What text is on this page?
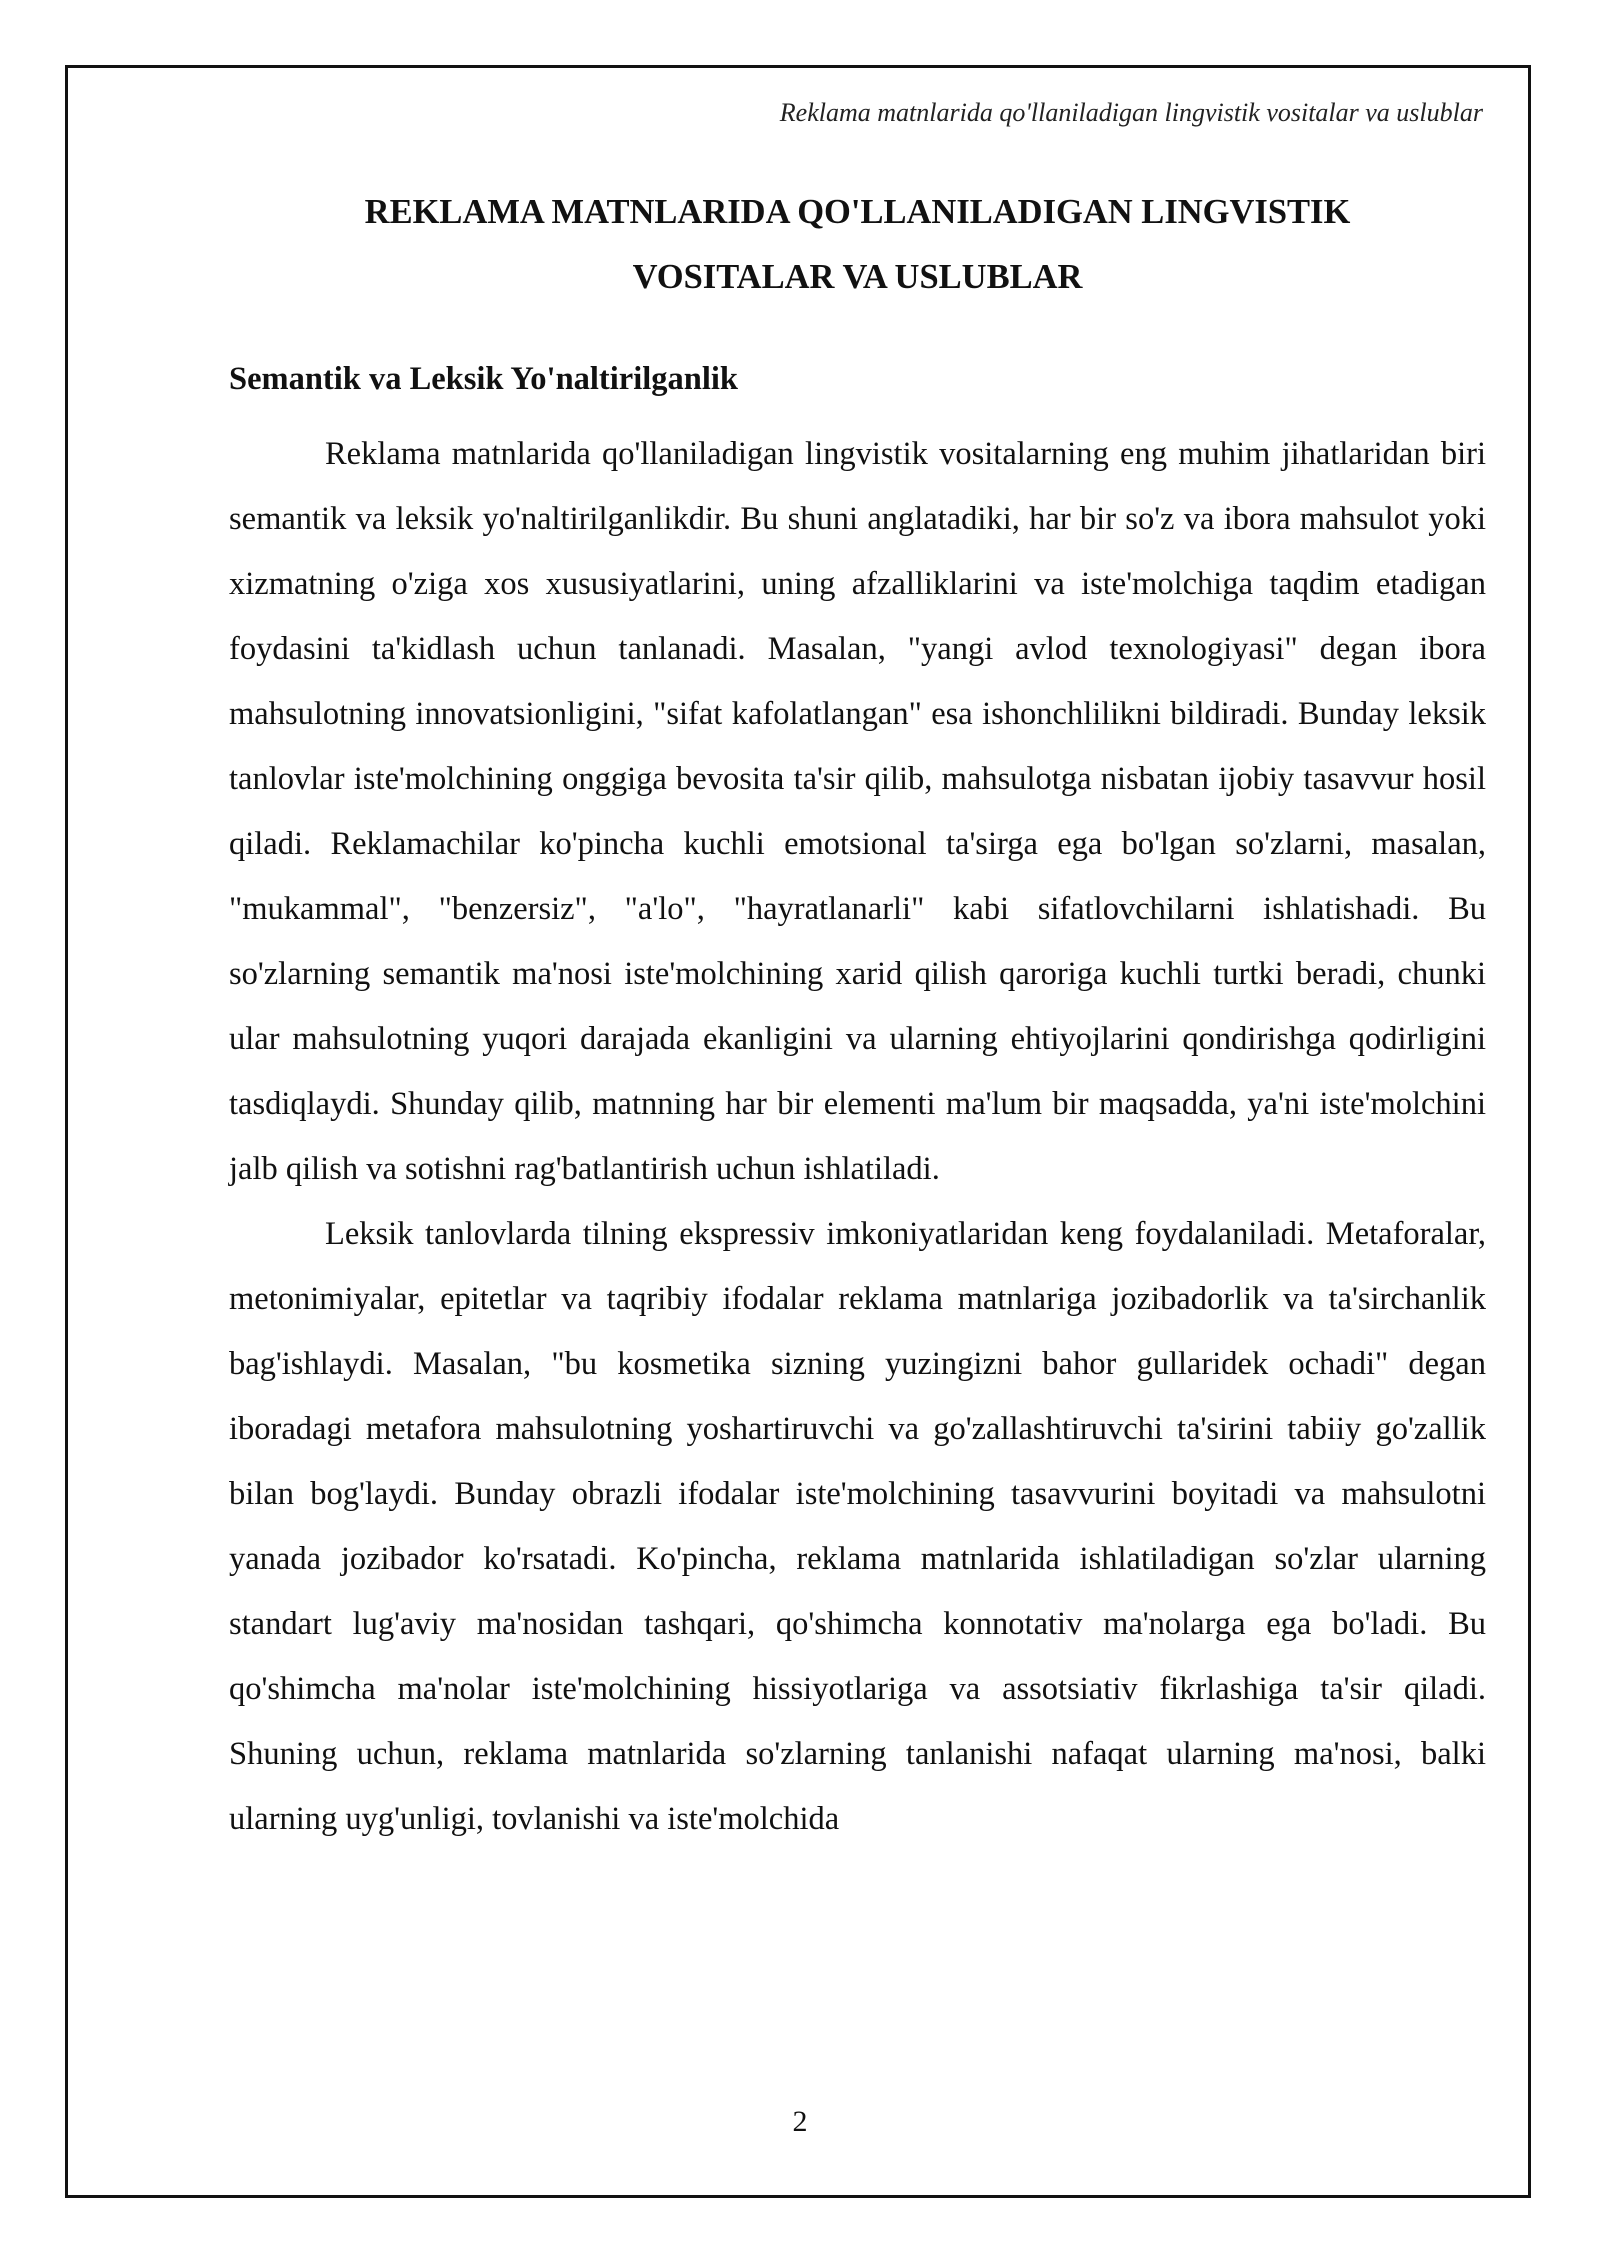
Reklama matnlarida qo'llaniladigan lingvistik vositalar va uslublar
REKLAMA MATNLARIDA QO'LLANILADIGAN LINGVISTIK
VOSITALAR VA USLUBLAR
Semantik va Leksik Yo'naltirilganlik

Reklama matnlarida qo'llaniladigan lingvistik vositalarning eng muhim jihatlaridan biri semantik va leksik yo'naltirilganlikdir. Bu shuni anglatadiki, har bir so'z va ibora mahsulot yoki xizmatning o'ziga xos xususiyatlarini, uning afzalliklarini va iste'molchiga taqdim etadigan foydasini ta'kidlash uchun tanlanadi. Masalan, "yangi avlod texnologiyasi" degan ibora mahsulotning innovatsionligini, "sifat kafolatlangan" esa ishonchlilikni bildiradi. Bunday leksik tanlovlar iste'molchining onggiga bevosita ta'sir qilib, mahsulotga nisbatan ijobiy tasavvur hosil qiladi. Reklamachilar ko'pincha kuchli emotsional ta'sirga ega bo'lgan so'zlarni, masalan, "mukammal", "benzersiz", "a'lo", "hayratlanarli" kabi sifatlovchilarni ishlatishadi. Bu so'zlarning semantik ma'nosi iste'molchining xarid qilish qaroriga kuchli turtki beradi, chunki ular mahsulotning yuqori darajada ekanligini va ularning ehtiyojlarini qondirishga qodirligini tasdiqlaydi. Shunday qilib, matnning har bir elementi ma'lum bir maqsadda, ya'ni iste'molchini jalb qilish va sotishni rag'batlantirish uchun ishlatiladi.

Leksik tanlovlarda tilning ekspressiv imkoniyatlaridan keng foydalaniladi. Metaforalar, metonimiyalar, epitetlar va taqribiy ifodalar reklama matnlariga jozibadorlik va ta'sirchanlik bag'ishlaydi. Masalan, "bu kosmetika sizning yuzingizni bahor gullaridek ochadi" degan iboradagi metafora mahsulotning yoshartiruvchi va go'zallashtiruvchi ta'sirini tabiiy go'zallik bilan bog'laydi. Bunday obrazli ifodalar iste'molchining tasavvurini boyitadi va mahsulotni yanada jozibador ko'rsatadi. Ko'pincha, reklama matnlarida ishlatiladigan so'zlar ularning standart lug'aviy ma'nosidan tashqari, qo'shimcha konnotativ ma'nolarga ega bo'ladi. Bu qo'shimcha ma'nolar iste'molchining hissiyotlariga va assotsiativ fikrlashiga ta'sir qiladi. Shuning uchun, reklama matnlarida so'zlarning tanlanishi nafaqat ularning ma'nosi, balki ularning uyg'unligi, tovlanishi va iste'molchida

2
